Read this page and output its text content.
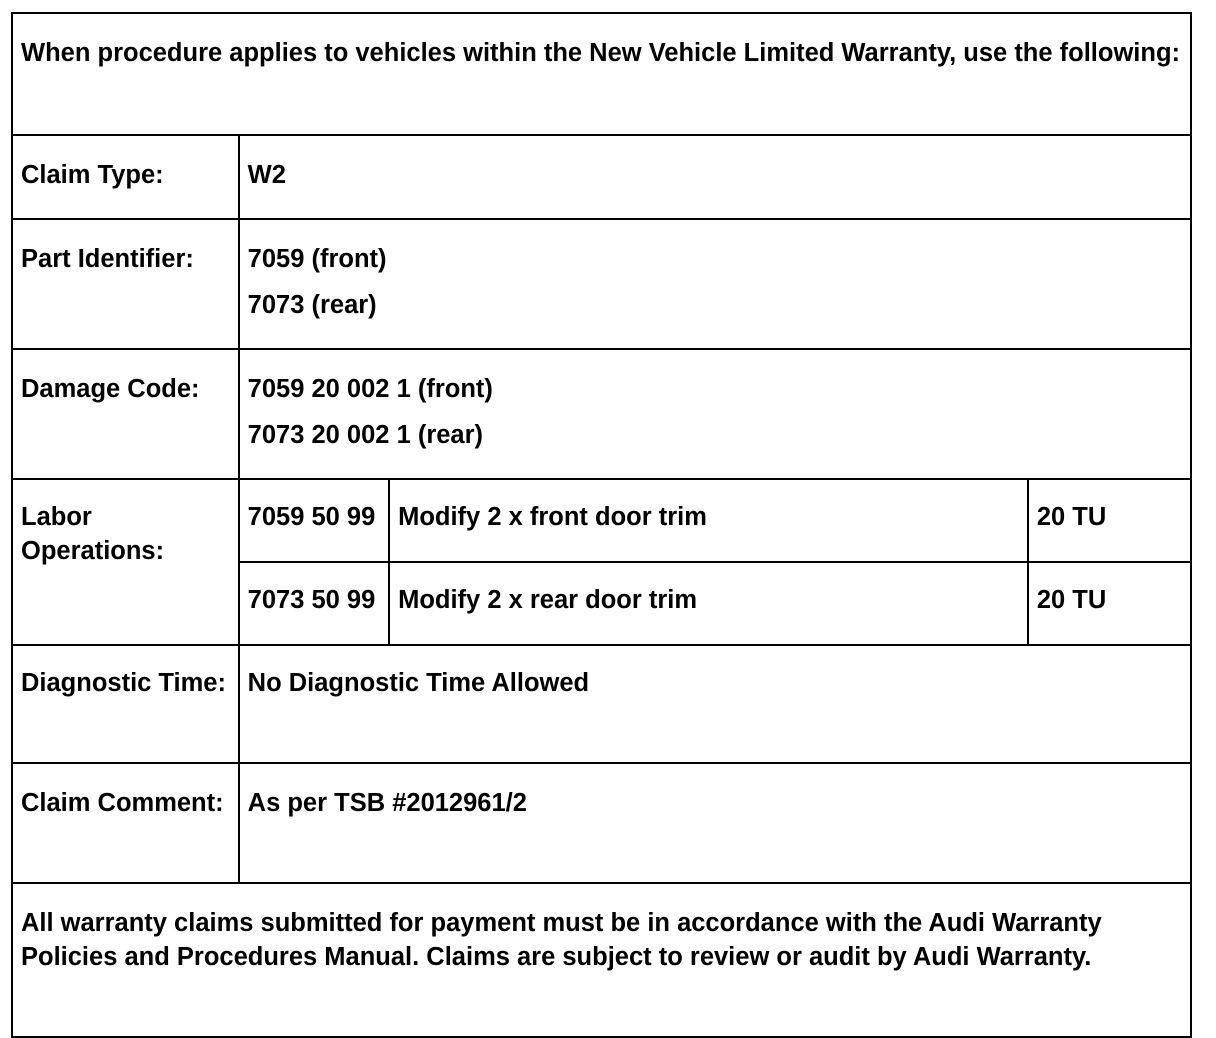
When procedure applies to vehicles within the New Vehicle Limited Warranty, use the following:			
Claim Type:	W2		
Part Identifier:	7059 (front)
7073 (rear)		

Damage Code:	7059 20 002 1 (front)
7073 20 002 1 (rear)		

Labor Operations:	7059 50 99	Modify 2 x front door trim	20 TU
	7073 50 99	Modify 2 x rear door trim	20 TU
Diagnostic Time:	No Diagnostic Time Allowed		
Claim Comment:	As per TSB #2012961/2		
All warranty claims submitted for payment must be in accordance with the Audi Warranty Policies and Procedures Manual. Claims are subject to review or audit by Audi Warranty.			
